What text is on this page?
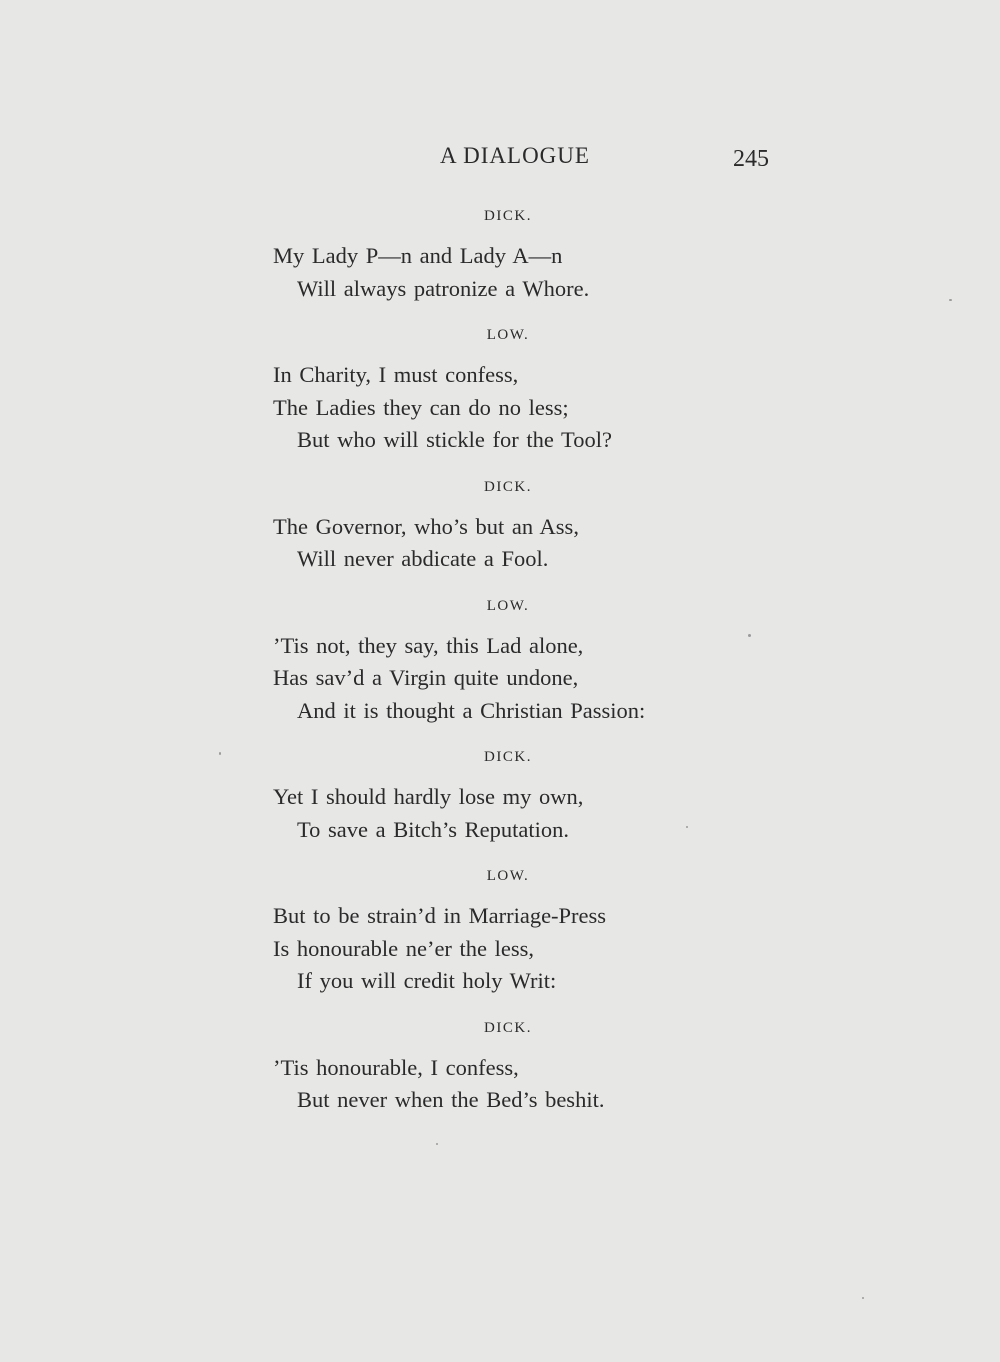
A DIALOGUE	245
DICK.
My Lady P—n and Lady A—n
Will always patronize a Whore.
LOW.
In Charity, I must confess,
The Ladies they can do no less;
But who will stickle for the Tool?
DICK.
The Governor, who’s but an Ass,
Will never abdicate a Fool.
LOW.
’Tis not, they say, this Lad alone,
Has sav’d a Virgin quite undone,
And it is thought a Christian Passion:
DICK.
Yet I should hardly lose my own,
To save a Bitch’s Reputation.
LOW.
But to be strain’d in Marriage-Press
Is honourable ne’er the less,
If you will credit holy Writ:
DICK.
’Tis honourable, I confess,
But never when the Bed’s beshit.
